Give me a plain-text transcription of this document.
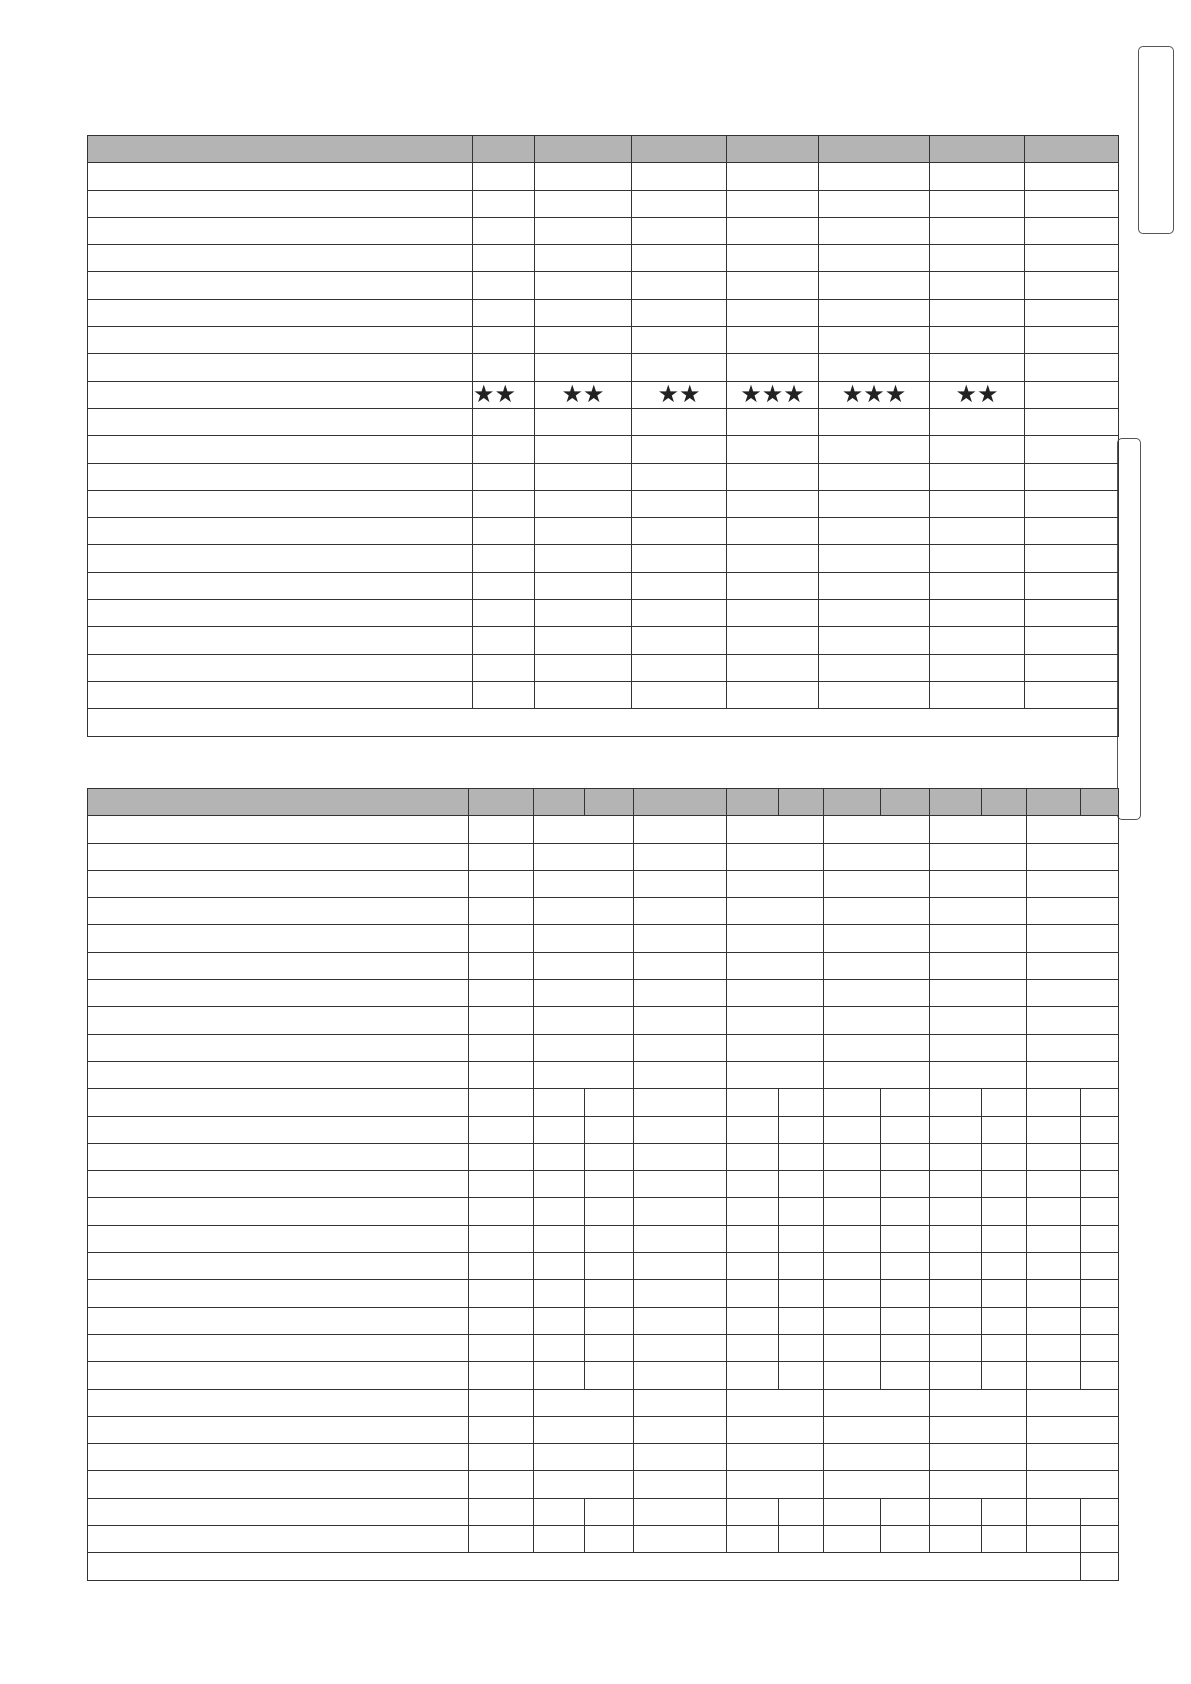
	★★	★★	★★	★★★	★★★	★★	
